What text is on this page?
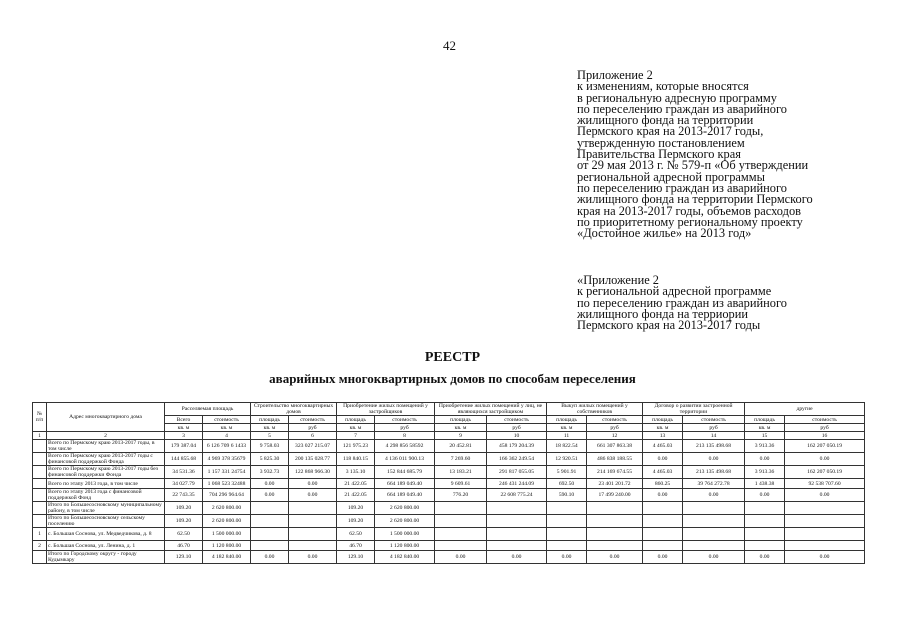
42
Приложение 2
к изменениям, которые вносятся
в региональную адресную программу
по переселению граждан из аварийного
жилищного фонда на территории
Пермского края на 2013-2017 годы,
утвержденную постановлением
Правительства Пермского края
от 29 мая 2013 г. № 579-п «Об утверждении
региональной адресной программы
по переселению граждан из аварийного
жилищного фонда на территории Пермского
края на 2013-2017 годы, объемов расходов
по приоритетному региональному проекту
«Достойное жилье» на 2013 год»
«Приложение 2
к региональной адресной программе
по переселению граждан из аварийного
жилищного фонда на терриории
Пермского края на 2013-2017 годы
РЕЕСТР
аварийных многоквартирных домов по способам переселения
№ п/п	Адрес многоквартирного дома	Расселяемая площадь		Строительство многоквартирных домов		Приобретение жилых помещений у застройщиков		Приобретение жилых помещений у лиц, не являющихся застройщиком		Выкуп жилых помещений у собственников		Договор о развитии застроенной территории		другие	
		Всего	стоимость	площадь	стоимость	площадь	стоимость	площадь	стоимость	площадь	стоимость	площадь	стоимость	площадь	стоимость
		кв. м	кв. м	кв. м	руб	кв. м	руб	кв. м	руб	кв. м	руб	кв. м	руб	кв. м	руб
1	2	3	4	5	6	7	8	9	10	11	12	13	14	15	16
	Всего по Пермскому краю 2013-2017 годы, в том числе	179 387.04	6 126 709 6 1433	9 758.03	323 027 215.07	121 975.23	4 298 856 58592	20 452.81	458 179 204.39	18 822.54	661 307 863.38	4 465.03	213 135 498.68	3 913.36	162 207 050.19
	Всего по Пермскому краю 2013-2017 годы с финансовой поддержкой Фонда	144 855.68	4 969 378 35679	5 825.30	200 135 028.77	118 840.15	4 136 011 900.13	7 269.60	166 362 249.54	12 920.51	486 838 188.55	0.00	0.00	0.00	0.00
	Всего по Пермскому краю 2013-2017 годы без финансовой поддержки Фонда	34 531.36	1 157 331 24754	3 932.73	122 868 966.30	3 135.10	152 844 685.79	13 183.21	291 817 055.05	5 901.91	214 169 674.55	4 465.03	213 135 498.68	3 913.36	162 207 050.19
	Всего по этапу 2013 года, в том числе	34 027.79	1 068 523 32488	0.00	0.00	21 422.05	664 189 049.40	9 609.61	246 431 244.09	692.50	23 401 201.72	860.25	39 764 272.78	1 438.38	92 538 707.60
	Всего по этапу 2013 года с финансовой поддержкой Фонд	22 743.35	704 296 964.64	0.00	0.00	21 422.05	664 189 049.40	776.20	22 608 775.24	590.10	17 499 240.00	0.00	0.00	0.00	0.00
	Итого по Большесосновскому муниципальному району, в том числе	109.20	2 620 800.00			109.20	2 620 800.00								
	Итого по Большесосновскому сельскому поселению	109.20	2 620 800.00			109.20	2 620 800.00								
1	с. Большая Соснова, ул. Медведчикова, д. 8	62.50	1 500 000.00			62.50	1 500 000.00								
2	с. Большая Соснова, ул. Ленина, д. 1	46.70	1 120 800.00			46.70	1 120 800.00								
	Итого по Городскому округу - городу Кудымкару	129.10	4 182 840.00	0.00	0.00	129.10	4 182 840.00	0.00	0.00	0.00	0.00	0.00	0.00	0.00	0.00
